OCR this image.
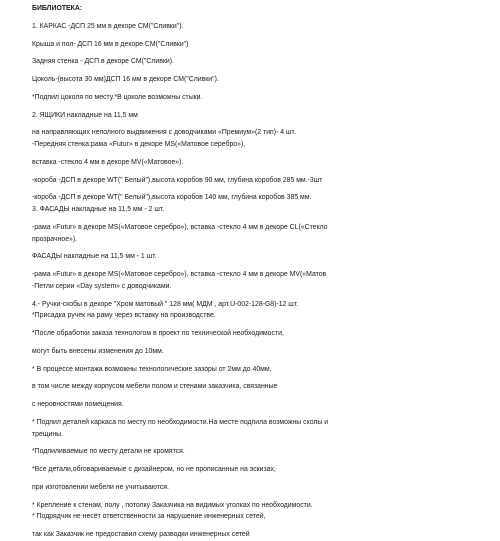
БИБЛИОТЕКА:
1. КАРКАС -ДСП 25 мм в декоре CM("Сливки").
Крыша и пол- ДСП 16 мм в декоре CM("Сливки")
Задняя стенка - ДСП в декоре CM("Сливки).
Цоколь-(высота 30 мм)ДСП 16 мм в декоре CM("Сливки").
*Подпил цоколя по месту.*В цоколе возможны стыки.
2. ЯЩИКИ накладные на 11,5 мм
на направляющих неполного выдвижения с доводчиками «Премиум»(2 тип)- 4 шт.
-Передняя стенка:рама «Futur» в декоре MS(«Матовое серебро»),
вставка -стекло 4 мм в декоре MV(«Матовое»).
-короба -ДСП в декоре WT(" Белый"),высота коробов 90 мм, глубина коробов 285 мм.-3шт
-короба -ДСП в декоре WT(" Белый"),высота коробов 140 мм, глубина коробов 385 мм.
3. ФАСАДЫ накладные на 11,5 мм - 2 шт.
-рама «Futur» в декоре MS(«Матовое серебро»), вставка -стекло 4 мм в декоре CL(«Стекло
прозрачное»).
ФАСАДЫ накладные на 11,5 мм - 1 шт.
-рама «Futur» в декоре MS(«Матовое серебро»), вставка -стекло 4 мм в декоре MV(«Матов
-Петли серии «Day system» с доводчиками.
4.- Ручки-скобы в декоре "Хром матовый " 128 мм( МДМ , арт.U-002-128-G8)-12 шт.
*Присадка ручек на раму через вставку на производстве.
*После обработки заказа технологом в проект по технической необходимости,
могут быть внесены изменения до 10мм.
* В процессе монтажа возможны технологические зазоры от 2мм до 40мм,
в том числе между корпусом мебели полом и стенами заказчика, связанные
с неровностями помещения.
* Подпил деталей каркаса по месту по необходимости.На месте подпила возможны сколы и
трещины.
*Подпиливаемые по месту детали не кромятся.
*Все детали,обговариваемые с дизайнером, но не прописанные на эскизах,
при изготовлении мебели не учитываются.
* Крепление к стенам, полу , потолку Заказчика на видимых уголках по необходимости.
* Подрядчик не несёт ответственности за нарушение инженерных сетей,
так как Заказчик не предоставил схему разводки инженерных сетей
